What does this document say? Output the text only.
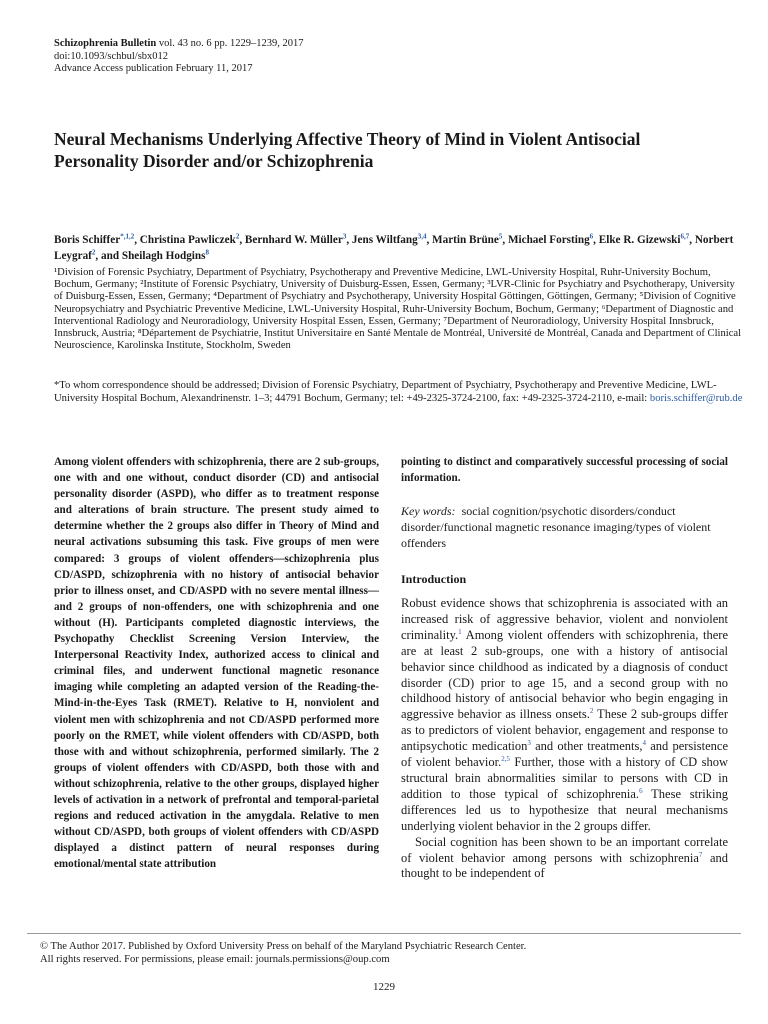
Schizophrenia Bulletin vol. 43 no. 6 pp. 1229–1239, 2017
doi:10.1093/schbul/sbx012
Advance Access publication February 11, 2017
Neural Mechanisms Underlying Affective Theory of Mind in Violent Antisocial Personality Disorder and/or Schizophrenia
Boris Schiffer$^{*,1,2}$, Christina Pawliczek$^2$, Bernhard W. Müller$^3$, Jens Wiltfang$^{3,4}$, Martin Brüne$^5$, Michael Forsting$^6$, Elke R. Gizewski$^{6,7}$, Norbert Leygraf$^2$, and Sheilagh Hodgins$^8$
¹Division of Forensic Psychiatry, Department of Psychiatry, Psychotherapy and Preventive Medicine, LWL-University Hospital, Ruhr-University Bochum, Bochum, Germany; ²Institute of Forensic Psychiatry, University of Duisburg-Essen, Essen, Germany; ³LVR-Clinic for Psychiatry and Psychotherapy, University of Duisburg-Essen, Essen, Germany; ⁴Department of Psychiatry and Psychotherapy, University Hospital Göttingen, Göttingen, Germany; ⁵Division of Cognitive Neuropsychiatry and Psychiatric Preventive Medicine, LWL-University Hospital, Ruhr-University Bochum, Bochum, Germany; ⁶Department of Diagnostic and Interventional Radiology and Neuroradiology, University Hospital Essen, Essen, Germany; ⁷Department of Neuroradiology, University Hospital Innsbruck, Innsbruck, Austria; ⁸Département de Psychiatrie, Institut Universitaire en Santé Mentale de Montréal, Université de Montréal, Canada and Department of Clinical Neuroscience, Karolinska Institute, Stockholm, Sweden
*To whom correspondence should be addressed; Division of Forensic Psychiatry, Department of Psychiatry, Psychotherapy and Preventive Medicine, LWL-University Hospital Bochum, Alexandrinenstr. 1–3; 44791 Bochum, Germany; tel: +49-2325-3724-2100, fax: +49-2325-3724-2110, e-mail: boris.schiffer@rub.de

Among violent offenders with schizophrenia, there are 2 sub-groups, one with and one without, conduct disorder (CD) and antisocial personality disorder (ASPD), who differ as to treatment response and alterations of brain structure. The present study aimed to determine whether the 2 groups also differ in Theory of Mind and neural activations subsuming this task. Five groups of men were compared: 3 groups of violent offenders—schizophrenia plus CD/ASPD, schizophrenia with no history of antisocial behavior prior to illness onset, and CD/ASPD with no severe mental illness—and 2 groups of non-offenders, one with schizophrenia and one without (H). Participants completed diagnostic interviews, the Psychopathy Checklist Screening Version Interview, the Interpersonal Reactivity Index, authorized access to clinical and criminal files, and underwent functional magnetic resonance imaging while completing an adapted version of the Reading-the-Mind-in-the-Eyes Task (RMET). Relative to H, nonviolent and violent men with schizophrenia and not CD/ASPD performed more poorly on the RMET, while violent offenders with CD/ASPD, both those with and without schizophrenia, performed similarly. The 2 groups of violent offenders with CD/ASPD, both those with and without schizophrenia, relative to the other groups, displayed higher levels of activation in a network of prefrontal and temporal-parietal regions and reduced activation in the amygdala. Relative to men without CD/ASPD, both groups of violent offenders with CD/ASPD displayed a distinct pattern of neural responses during emotional/mental state attribution

pointing to distinct and comparatively successful processing of social information.

Key words: social cognition/psychotic disorders/conduct disorder/functional magnetic resonance imaging/types of violent offenders

Introduction

Robust evidence shows that schizophrenia is associated with an increased risk of aggressive behavior, violent and nonviolent criminality.$^1$ Among violent offenders with schizophrenia, there are at least 2 sub-groups, one with a history of antisocial behavior since childhood as indicated by a diagnosis of conduct disorder (CD) prior to age 15, and a second group with no childhood history of antisocial behavior who begin engaging in aggressive behavior as illness onsets.$^2$ These 2 sub-groups differ as to predictors of violent behavior, engagement and response to antipsychotic medication$^3$ and other treatments,$^4$ and persistence of violent behavior.$^{2,5}$ Further, those with a history of CD show structural brain abnormalities similar to persons with CD in addition to those typical of schizophrenia.$^6$ These striking differences led us to hypothesize that neural mechanisms underlying violent behavior in the 2 groups differ.

Social cognition has been shown to be an important correlate of violent behavior among persons with schizophrenia$^7$ and thought to be independent of

© The Author 2017. Published by Oxford University Press on behalf of the Maryland Psychiatric Research Center.
All rights reserved. For permissions, please email: journals.permissions@oup.com
1229
